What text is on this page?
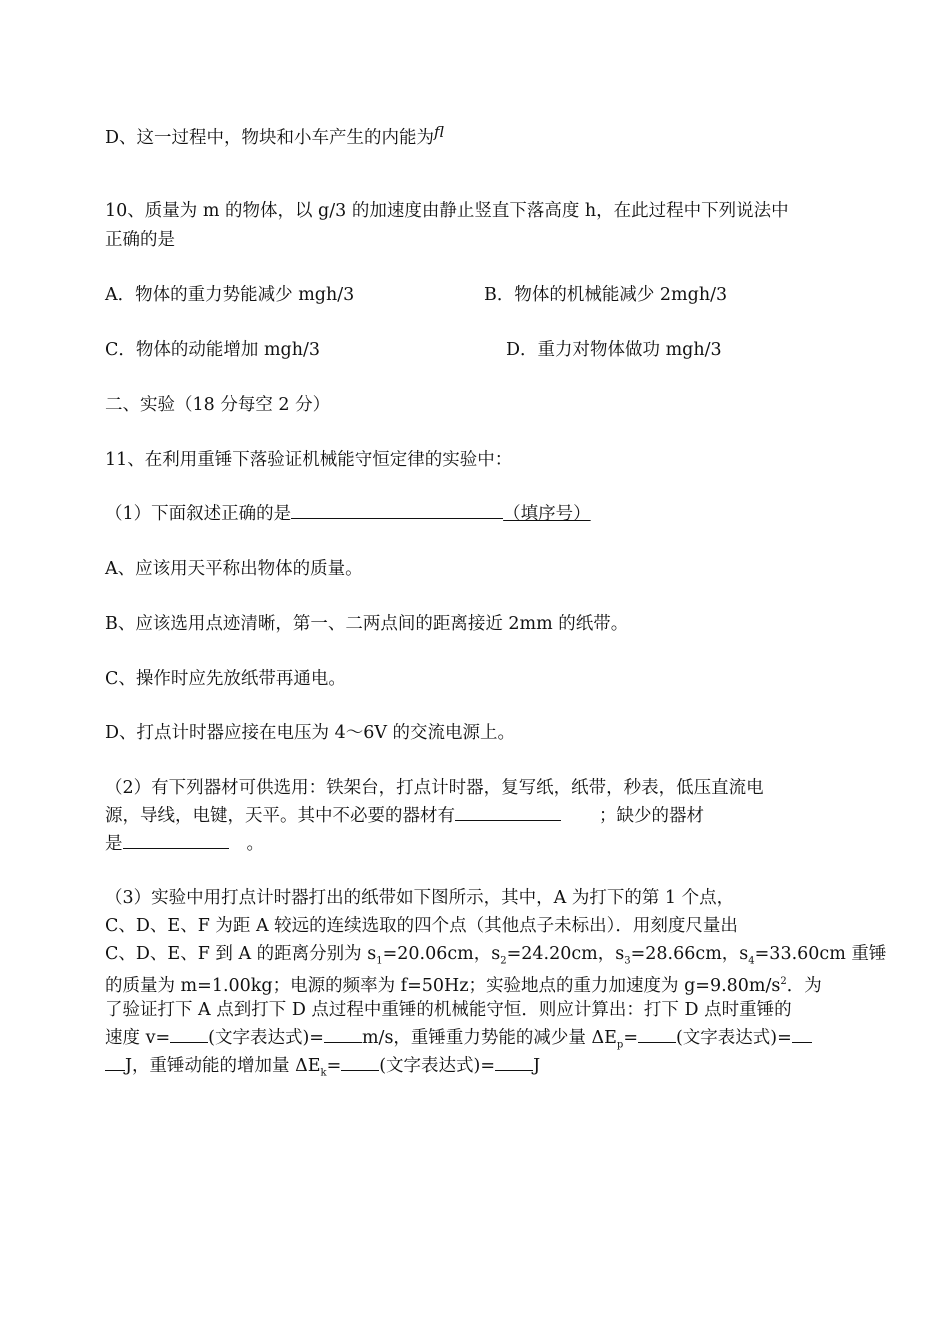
D、这一过程中，物块和小车产生的内能为fl

10、质量为 m 的物体，以 g/3 的加速度由静止竖直下落高度 h，在此过程中下列说法中

正确的是

A．物体的重力势能减少 mgh/3	B．物体的机械能减少 2mgh/3

C．物体的动能增加 mgh/3	D．重力对物体做功 mgh/3

二、实验（18 分每空 2 分）

11、在利用重锤下落验证机械能守恒定律的实验中：

（1）下面叙述正确的是	（填序号）

A、应该用天平称出物体的质量。

B、应该选用点迹清晰，第一、二两点间的距离接近 2mm 的纸带。

C、操作时应先放纸带再通电。

D、打点计时器应接在电压为 4～6V 的交流电源上。

（2）有下列器材可供选用：铁架台，打点计时器，复写纸，纸带，秒表，低压直流电

源，导线，电键，天平。其中不必要的器材有	；缺少的器材

是	。

（3）实验中用打点计时器打出的纸带如下图所示，其中，A 为打下的第 1 个点，

C、D、E、F 为距 A 较远的连续选取的四个点（其他点子未标出）．用刻度尺量出

C、D、E、F 到 A 的距离分别为 $s_1=20.06cm$，$s_2=24.20cm$，$s_3=28.66cm$，$s_4=33.60cm$ 重锤

的质量为 m=1.00kg；电源的频率为 f=50Hz；实验地点的重力加速度为 $g=9.80m/s^2$．为

了验证打下 A 点到打下 D 点过程中重锤的机械能守恒．则应计算出：打下 D 点时重锤的

速度 v= (文字表达式)= m/s，重锤重力势能的减少量 $\Delta E_p=$ (文字表达式)=

J，重锤动能的增加量 $\Delta E_k=$ (文字表达式)= J
